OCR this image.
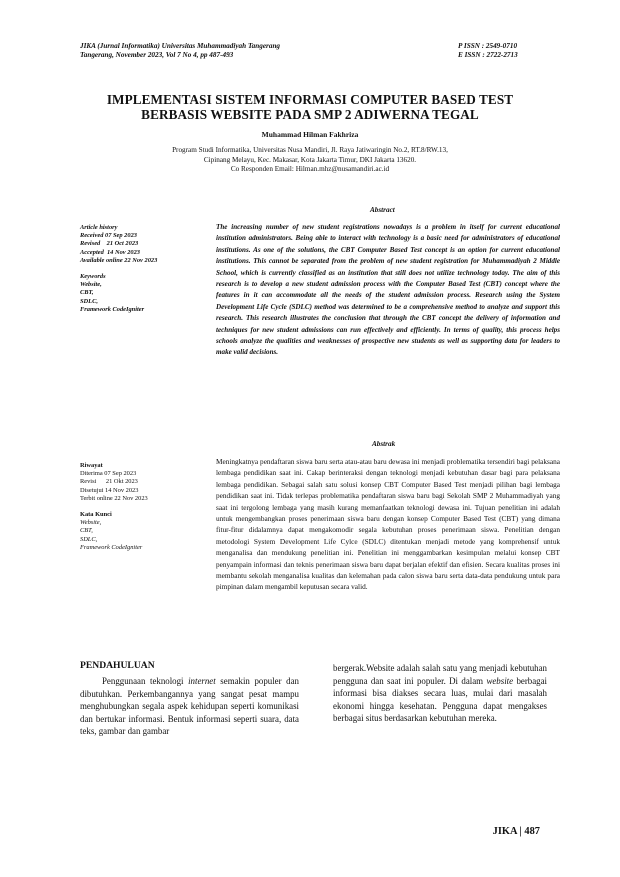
JIKA (Jurnal Informatika) Universitas Muhammadiyah Tangerang
Tangerang, November 2023, Vol 7 No 4, pp 487-493
P ISSN : 2549-0710
E ISSN : 2722-2713
IMPLEMENTASI SISTEM INFORMASI COMPUTER BASED TEST
BERBASIS WEBSITE PADA SMP 2 ADIWERNA TEGAL
Muhammad Hilman Fakhriza
Program Studi Informatika, Universitas Nusa Mandiri, Jl. Raya Jatiwaringin No.2, RT.8/RW.13,
Cipinang Melayu, Kec. Makasar, Kota Jakarta Timur, DKI Jakarta 13620.
Co Responden Email: Hilman.mhz@nusamandiri.ac.id
Article history
Received 07 Sep 2023
Revised    21 Oct 2023
Accepted  14 Nov 2023
Available online 22 Nov 2023
Keywords
Website,
CBT,
SDLC,
Framework CodeIgniter
Abstract
The increasing number of new student registrations nowadays is a problem in itself for current educational institution administrators. Being able to interact with technology is a basic need for administrators of educational institutions. As one of the solutions, the CBT Computer Based Test concept is an option for current educational institutions. This cannot be separated from the problem of new student registration for Muhammadiyah 2 Middle School, which is currently classified as an institution that still does not utilize technology today. The aim of this research is to develop a new student admission process with the Computer Based Test (CBT) concept where the features in it can accommodate all the needs of the student admission process. Research using the System Development Life Cycle (SDLC) method was determined to be a comprehensive method to analyze and support this research. This research illustrates the conclusion that through the CBT concept the delivery of information and techniques for new student admissions can run effectively and efficiently. In terms of quality, this process helps schools analyze the qualities and weaknesses of prospective new students as well as supporting data for leaders to make valid decisions.
Riwayat
Diterima 07 Sep 2023
Revisi      21 Okt 2023
Disetujui 14 Nov 2023
Terbit online 22 Nov 2023
Kata Kunci
Website,
CBT,
SDLC,
Framework CodeIgniter
Abstrak
Meningkatnya pendaftaran siswa baru serta atau-atau baru dewasa ini menjadi problematika tersendiri bagi pelaksana lembaga pendidikan saat ini. Cakap berinteraksi dengan teknologi menjadi kebutuhan dasar bagi para pelaksana lembaga pendidikan. Sebagai salah satu solusi konsep CBT Computer Based Test menjadi pilihan bagi lembaga pendidikan saat ini. Tidak terlepas problematika pendaftaran siswa baru bagi Sekolah SMP 2 Muhammadiyah yang saat ini tergolong lembaga yang masih kurang memanfaatkan teknologi dewasa ini. Tujuan penelitian ini adalah untuk mengembangkan proses penerimaan siswa baru dengan konsep Computer Based Test (CBT) yang dimana fitur-fitur didalamnya dapat mengakomodir segala kebutuhan proses penerimaan siswa. Penelitian dengan metodologi System Development Life Cylce (SDLC) ditentukan menjadi metode yang komprehensif untuk menganalisa dan mendukung penelitian ini. Penelitian ini menggambarkan kesimpulan melalui konsep CBT penyampain informasi dan teknis penerimaan siswa baru dapat berjalan efektif dan efisien. Secara kualitas proses ini membantu sekolah menganalisa kualitas dan kelemahan pada calon siswa baru serta data-data pendukung untuk para pimpinan dalam mengambil keputusan secara valid.
PENDAHULUAN
Penggunaan teknologi internet semakin populer dan dibutuhkan. Perkembangannya yang sangat pesat mampu menghubungkan segala aspek kehidupan seperti komunikasi dan bertukar informasi. Bentuk informasi seperti suara, data teks, gambar dan gambar
bergerak.Website adalah salah satu yang menjadi kebutuhan pengguna dan saat ini populer. Di dalam website berbagai informasi bisa diakses secara luas, mulai dari masalah ekonomi hingga kesehatan. Pengguna dapat mengakses berbagai situs berdasarkan kebutuhan mereka.
JIKA | 487
